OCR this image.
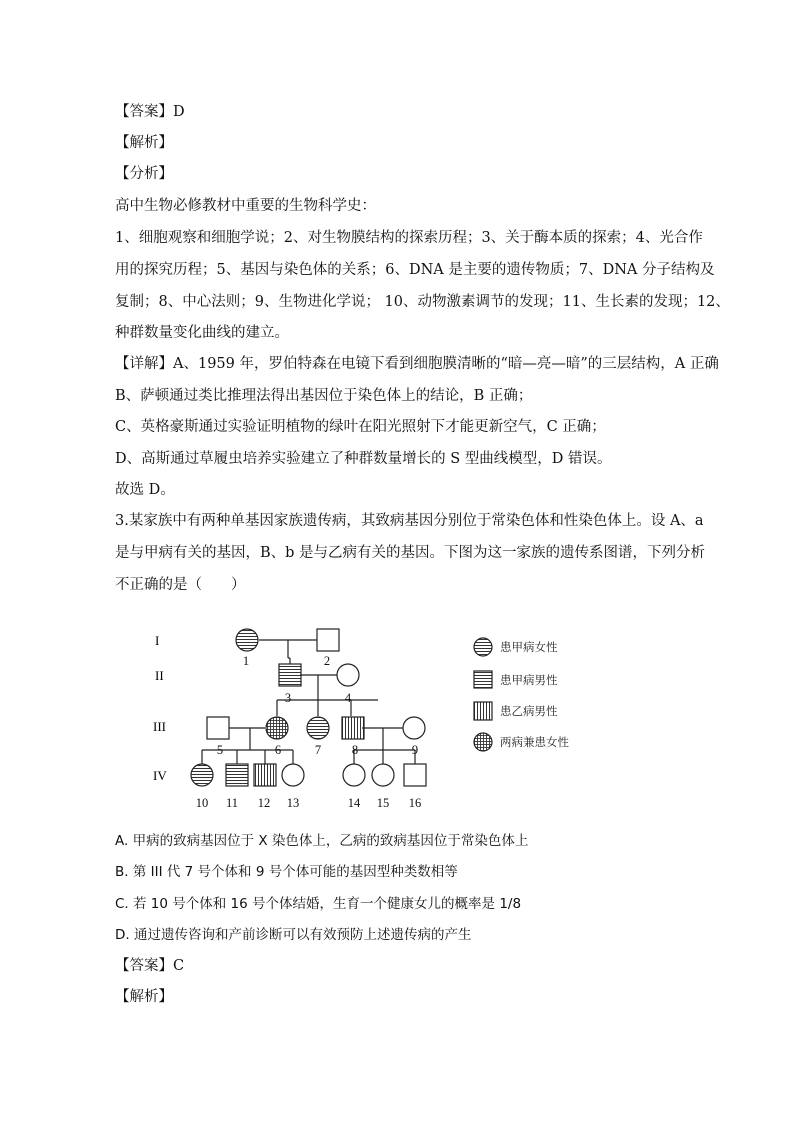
【答案】D
【解析】
【分析】
高中生物必修教材中重要的生物科学史：
1、细胞观察和细胞学说；2、对生物膜结构的探索历程；3、关于酶本质的探索；4、光合作
用的探究历程；5、基因与染色体的关系；6、DNA 是主要的遗传物质；7、DNA 分子结构及
复制；8、中心法则；9、生物进化学说； 10、动物激素调节的发现；11、生长素的发现；12、
种群数量变化曲线的建立。
【详解】A、1959 年，罗伯特森在电镜下看到细胞膜清晰的“暗—亮—暗”的三层结构，A 正确
B、萨顿通过类比推理法得出基因位于染色体上的结论，B 正确；
C、英格豪斯通过实验证明植物的绿叶在阳光照射下才能更新空气，C 正确；
D、高斯通过草履虫培养实验建立了种群数量增长的 S 型曲线模型，D 错误。
故选 D。
3.某家族中有两种单基因家族遗传病，其致病基因分别位于常染色体和性染色体上。设 A、a
是与甲病有关的基因，B、b 是与乙病有关的基因。下图为这一家族的遗传系图谱，下列分析
不正确的是（　　）
I
II
III
IV
1	2
3	4
5	6	7 8	9
10 11 12 13	14 15 16
患甲病女性
患甲病男性
患乙病男性
两病兼患女性
A. 甲病的致病基因位于 X 染色体上，乙病的致病基因位于常染色体上
B. 第 III 代 7 号个体和 9 号个体可能的基因型种类数相等
C. 若 10 号个体和 16 号个体结婚，生育一个健康女儿的概率是 1/8
D. 通过遗传咨询和产前诊断可以有效预防上述遗传病的产生
【答案】C
【解析】
